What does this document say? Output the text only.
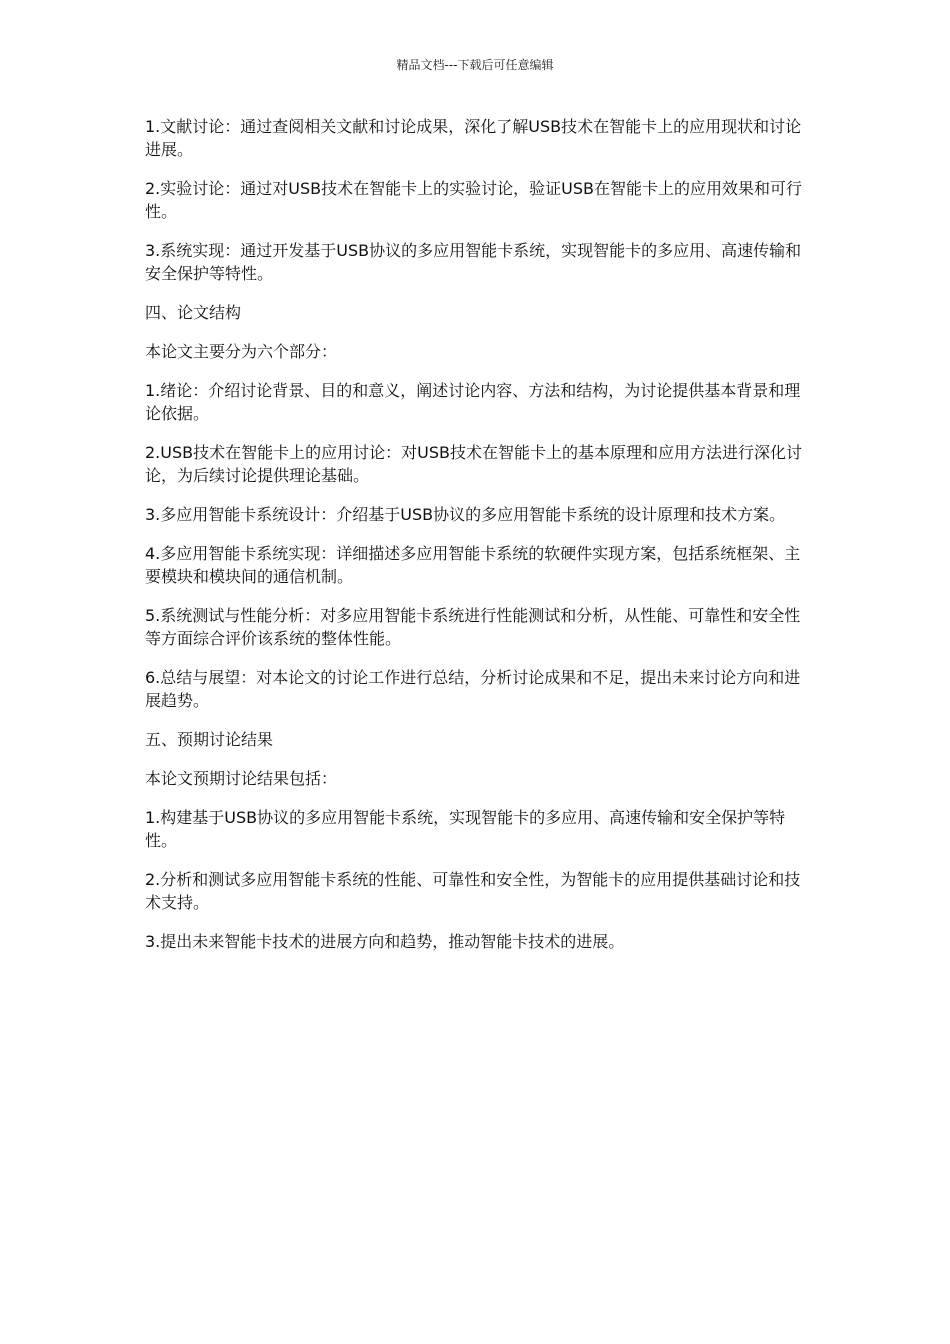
精品文档---下载后可任意编辑

1.文献讨论：通过查阅相关文献和讨论成果，深化了解USB技术在智能卡上的应用现状和讨论进展。

2.实验讨论：通过对USB技术在智能卡上的实验讨论，验证USB在智能卡上的应用效果和可行性。

3.系统实现：通过开发基于USB协议的多应用智能卡系统，实现智能卡的多应用、高速传输和安全保护等特性。

四、论文结构

本论文主要分为六个部分：

1.绪论：介绍讨论背景、目的和意义，阐述讨论内容、方法和结构，为讨论提供基本背景和理论依据。

2.USB技术在智能卡上的应用讨论：对USB技术在智能卡上的基本原理和应用方法进行深化讨论，为后续讨论提供理论基础。

3.多应用智能卡系统设计：介绍基于USB协议的多应用智能卡系统的设计原理和技术方案。

4.多应用智能卡系统实现：详细描述多应用智能卡系统的软硬件实现方案，包括系统框架、主要模块和模块间的通信机制。

5.系统测试与性能分析：对多应用智能卡系统进行性能测试和分析，从性能、可靠性和安全性等方面综合评价该系统的整体性能。

6.总结与展望：对本论文的讨论工作进行总结，分析讨论成果和不足，提出未来讨论方向和进展趋势。

五、预期讨论结果

本论文预期讨论结果包括：

1.构建基于USB协议的多应用智能卡系统，实现智能卡的多应用、高速传输和安全保护等特性。

2.分析和测试多应用智能卡系统的性能、可靠性和安全性，为智能卡的应用提供基础讨论和技术支持。

3.提出未来智能卡技术的进展方向和趋势，推动智能卡技术的进展。
